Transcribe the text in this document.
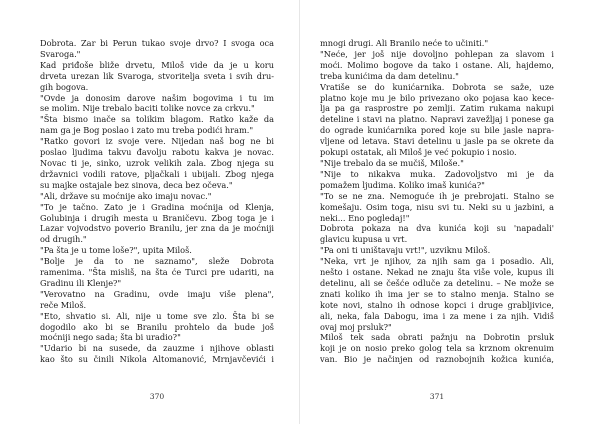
Dobrota. Zar bi Perun tukao svoje drvo? I svoga oca

Svaroga."

Kad priđoše bliže drvetu, Miloš vide da je u koru

drveta urezan lik Svaroga, stvoritelja sveta i svih dru-

gih bogova.

"Ovde ja donosim darove našim bogovima i tu im

se molim. Nije trebalo baciti tolike novce za crkvu."

"Šta bismo inače sa tolikim blagom. Ratko kaže da

nam ga je Bog poslao i zato mu treba podići hram."

"Ratko govori iz svoje vere. Nijedan naš bog ne bi

poslao ljudima takvu đavolju rabotu kakva je novac.

Novac ti je, sinko, uzrok velikih zala. Zbog njega su

državnici vodili ratove, pljačkali i ubijali. Zbog njega

su majke ostajale bez sinova, deca bez očeva."

"Ali, države su moćnije ako imaju novac."

"To je tačno. Zato je i Gradina moćnija od Klenja,

Golubinja i drugih mesta u Braničevu. Zbog toga je i

Lazar vojvodstvo poverio Branilu, jer zna da je moćniji

od drugih."

"Pa šta je u tome loše?", upita Miloš.

"Bolje je da to ne saznamo", sleže Dobrota

ramenima. "Šta misliš, na šta će Turci pre udariti, na

Gradinu ili Klenje?"

"Verovatno na Gradinu, ovde imaju više plena",

reče Miloš.

"Eto, shvatio si. Ali, nije u tome sve zlo. Šta bi se

dogodilo ako bi se Branilu prohtelo da bude još

moćniji nego sada; šta bi uradio?"

"Udario bi na susede, da zauzme i njihove oblasti

kao što su činili Nikola Altomanović, Mrnjavčevići i

370

mnogi drugi. Ali Branilo neće to učiniti."

"Neće, jer još nije dovoljno pohlepan za slavom i

moći. Molimo bogove da tako i ostane. Ali, hajdemo,

treba kunićima da dam detelinu."

Vratiše se do kunićarnika. Dobrota se saže, uze

platno koje mu je bilo privezano oko pojasa kao kece-

lja pa ga rasprostre po zemlji. Zatim rukama nakupi

deteline i stavi na platno. Napravi zavežljaj i ponese ga

do ograde kunićarnika pored koje su bile jasle napra-

vljene od letava. Stavi detelinu u jasle pa se okrete da

pokupi ostatak, ali Miloš je već pokupio i nosio.

"Nije trebalo da se mučiš, Miloše."

"Nije to nikakva muka. Zadovoljstvo mi je da

pomažem ljudima. Koliko imaš kunića?"

"To se ne zna. Nemoguće ih je prebrojati. Stalno se

komešaju. Osim toga, nisu svi tu. Neki su u jazbini, a

neki... Eno pogledaj!"

Dobrota pokaza na dva kunića koji su 'napadali'

glavicu kupusa u vrt.

"Pa oni ti uništavaju vrt!", uzviknu Miloš.

"Neka, vrt je njihov, za njih sam ga i posadio. Ali,

nešto i ostane. Nekad ne znaju šta više vole, kupus ili

detelinu, ali se češće odluče za detelinu. – Ne može se

znati koliko ih ima jer se to stalno menja. Stalno se

kote novi, stalno ih odnose kopci i druge grabljivice,

ali, neka, fala Dabogu, ima i za mene i za njih. Vidiš

ovaj moj prsluk?"

Miloš tek sada obrati pažnju na Dobrotin prsluk

koji je on nosio preko golog tela sa krznom okrenuim

van. Bio je načinjen od raznobojnih kožica kunića,

371
